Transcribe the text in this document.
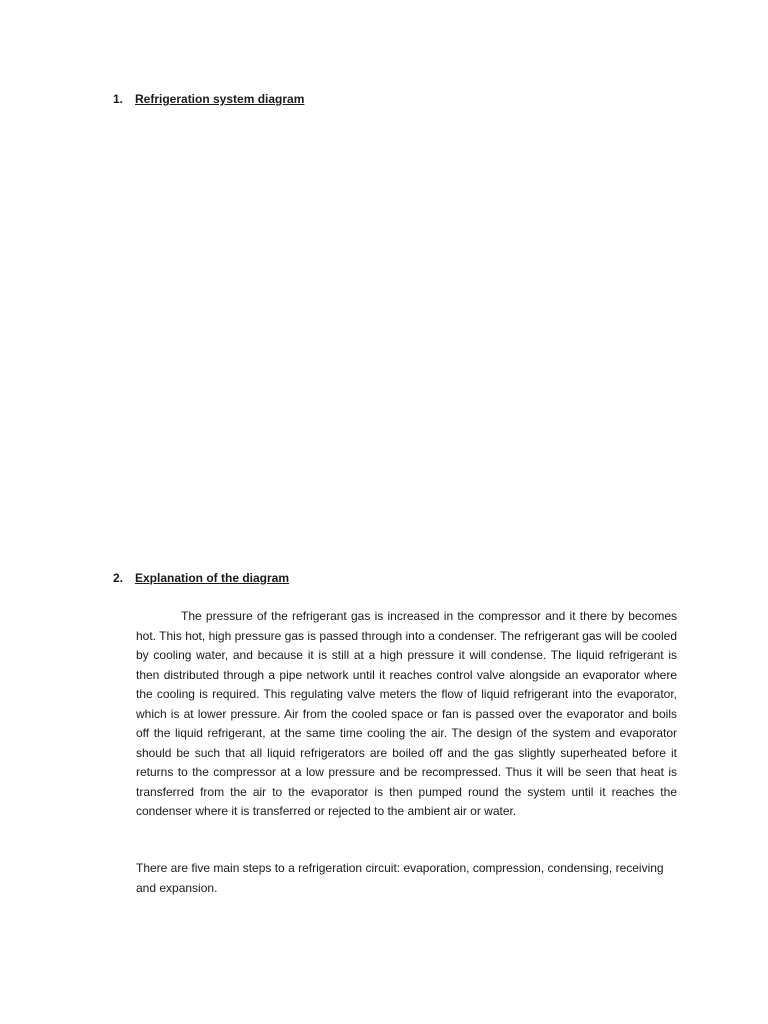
1. Refrigeration system diagram
2. Explanation of the diagram

The pressure of the refrigerant gas is increased in the compressor and it there by becomes hot. This hot, high pressure gas is passed through into a condenser. The refrigerant gas will be cooled by cooling water, and because it is still at a high pressure it will condense. The liquid refrigerant is then distributed through a pipe network until it reaches control valve alongside an evaporator where the cooling is required. This regulating valve meters the flow of liquid refrigerant into the evaporator, which is at lower pressure. Air from the cooled space or fan is passed over the evaporator and boils off the liquid refrigerant, at the same time cooling the air. The design of the system and evaporator should be such that all liquid refrigerators are boiled off and the gas slightly superheated before it returns to the compressor at a low pressure and be recompressed. Thus it will be seen that heat is transferred from the air to the evaporator is then pumped round the system until it reaches the condenser where it is transferred or rejected to the ambient air or water.

There are five main steps to a refrigeration circuit: evaporation, compression, condensing, receiving and expansion.
